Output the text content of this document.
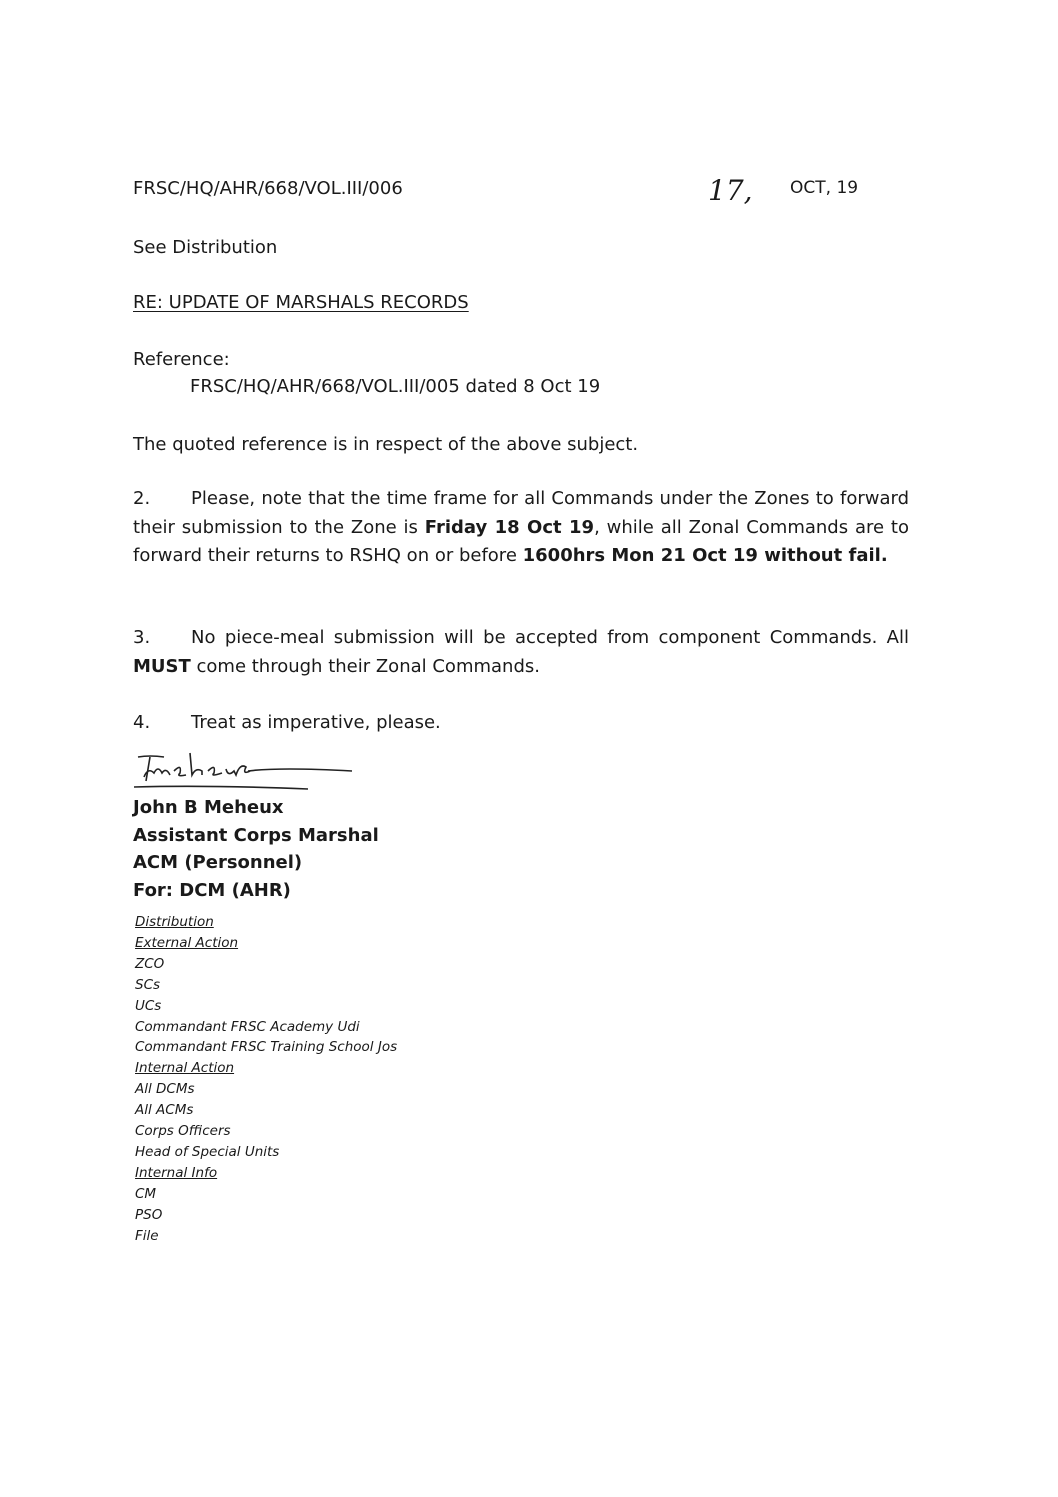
FRSC/HQ/AHR/668/VOL.III/006	17, OCT, 19
See Distribution
RE: UPDATE OF MARSHALS RECORDS
Reference:
FRSC/HQ/AHR/668/VOL.III/005 dated 8 Oct 19
The quoted reference is in respect of the above subject.
2. Please, note that the time frame for all Commands under the Zones to forward their submission to the Zone is Friday 18 Oct 19, while all Zonal Commands are to forward their returns to RSHQ on or before 1600hrs Mon 21 Oct 19 without fail.
3. No piece-meal submission will be accepted from component Commands. All MUST come through their Zonal Commands.
4. Treat as imperative, please.
John B Meheux
Assistant Corps Marshal
ACM (Personnel)
For: DCM (AHR)
Distribution
External Action
ZCO
SCs
UCs
Commandant FRSC Academy Udi
Commandant FRSC Training School Jos
Internal Action
All DCMs
All ACMs
Corps Officers
Head of Special Units
Internal Info
CM
PSO
File
